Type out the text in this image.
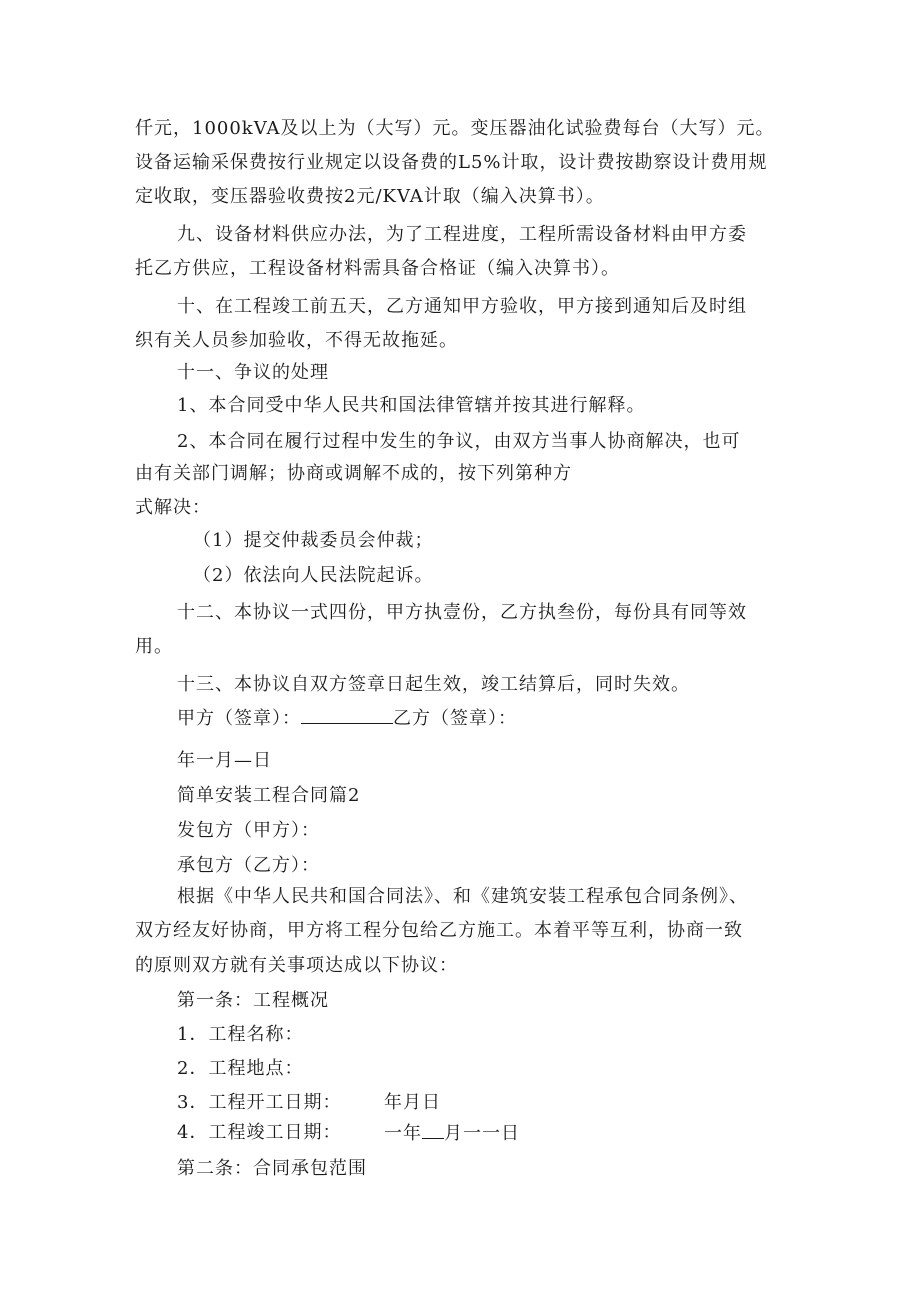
仟元，1000kVA及以上为（大写）元。变压器油化试验费每台（大写）元。
设备运输采保费按行业规定以设备费的L5%计取，设计费按勘察设计费用规
定收取，变压器验收费按2元/KVA计取（编入决算书）。
九、设备材料供应办法，为了工程进度，工程所需设备材料由甲方委
托乙方供应，工程设备材料需具备合格证（编入决算书）。
十、在工程竣工前五天，乙方通知甲方验收，甲方接到通知后及时组
织有关人员参加验收，不得无故拖延。
十一、争议的处理
1、本合同受中华人民共和国法律管辖并按其进行解释。
2、本合同在履行过程中发生的争议，由双方当事人协商解决，也可
由有关部门调解；协商或调解不成的，按下列第种方
式解决：
（1）提交仲裁委员会仲裁；
（2）依法向人民法院起诉。
十二、本协议一式四份，甲方执壹份，乙方执叁份，每份具有同等效
用。
十三、本协议自双方签章日起生效，竣工结算后，同时失效。
甲方（签章）：	乙方（签章）：
年一月—日
简单安装工程合同篇2
发包方（甲方）：
承包方（乙方）：
根据《中华人民共和国合同法》、和《建筑安装工程承包合同条例》、
双方经友好协商，甲方将工程分包给乙方施工。本着平等互利，协商一致
的原则双方就有关事项达成以下协议：
第一条：工程概况
1．工程名称：
2．工程地点：
3．工程开工日期： 年月日
4．工程竣工日期： 一年 月一一日
第二条：合同承包范围
